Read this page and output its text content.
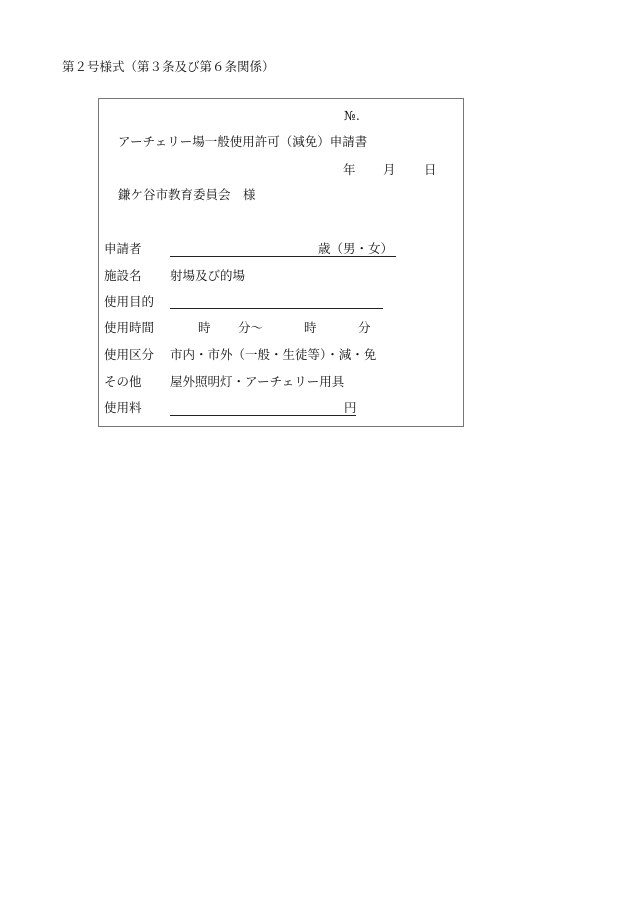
第２号様式（第３条及び第６条関係）
№.
アーチェリー場一般使用許可（減免）申請書
年 月 日
鎌ケ谷市教育委員会　様
申請者	歳（男・女）
施設名 射場及び的場
使用目的
使用時間	時 分～	時	分
使用区分 市内・市外（一般・生徒等）・減・免
その他 屋外照明灯・アーチェリー用具
使用料	円
